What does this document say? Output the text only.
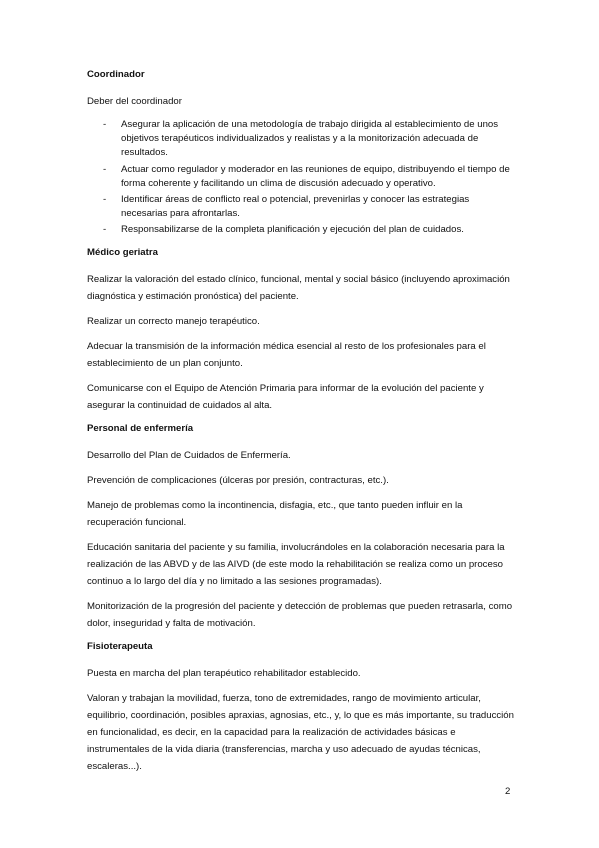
Coordinador
Deber del coordinador
- Asegurar la aplicación de una metodología de trabajo dirigida al establecimiento de unos objetivos terapéuticos individualizados y realistas y a la monitorización adecuada de resultados.
- Actuar como regulador y moderador en las reuniones de equipo, distribuyendo el tiempo de forma coherente y facilitando un clima de discusión adecuado y operativo.
- Identificar áreas de conflicto real o potencial, prevenirlas y conocer las estrategias necesarias para afrontarlas.
- Responsabilizarse de la completa planificación y ejecución del plan de cuidados.
Médico geriatra

Realizar la valoración del estado clínico, funcional, mental y social básico (incluyendo aproximación diagnóstica y estimación pronóstica) del paciente.

Realizar un correcto manejo terapéutico.

Adecuar la transmisión de la información médica esencial al resto de los profesionales para el establecimiento de un plan conjunto.

Comunicarse con el Equipo de Atención Primaria para informar de la evolución del paciente y asegurar la continuidad de cuidados al alta.

Personal de enfermería

Desarrollo del Plan de Cuidados de Enfermería.

Prevención de complicaciones (úlceras por presión, contracturas, etc.).

Manejo de problemas como la incontinencia, disfagia, etc., que tanto pueden influir en la recuperación funcional.

Educación sanitaria del paciente y su familia, involucrándoles en la colaboración necesaria para la realización de las ABVD y de las AIVD (de este modo la rehabilitación se realiza como un proceso continuo a lo largo del día y no limitado a las sesiones programadas).

Monitorización de la progresión del paciente y detección de problemas que pueden retrasarla, como dolor, inseguridad y falta de motivación.

Fisioterapeuta

Puesta en marcha del plan terapéutico rehabilitador establecido.

Valoran y trabajan la movilidad, fuerza, tono de extremidades, rango de movimiento articular, equilibrio, coordinación, posibles apraxias, agnosias, etc., y, lo que es más importante, su traducción en funcionalidad, es decir, en la capacidad para la realización de actividades básicas e instrumentales de la vida diaria (transferencias, marcha y uso adecuado de ayudas técnicas, escaleras...).

2
